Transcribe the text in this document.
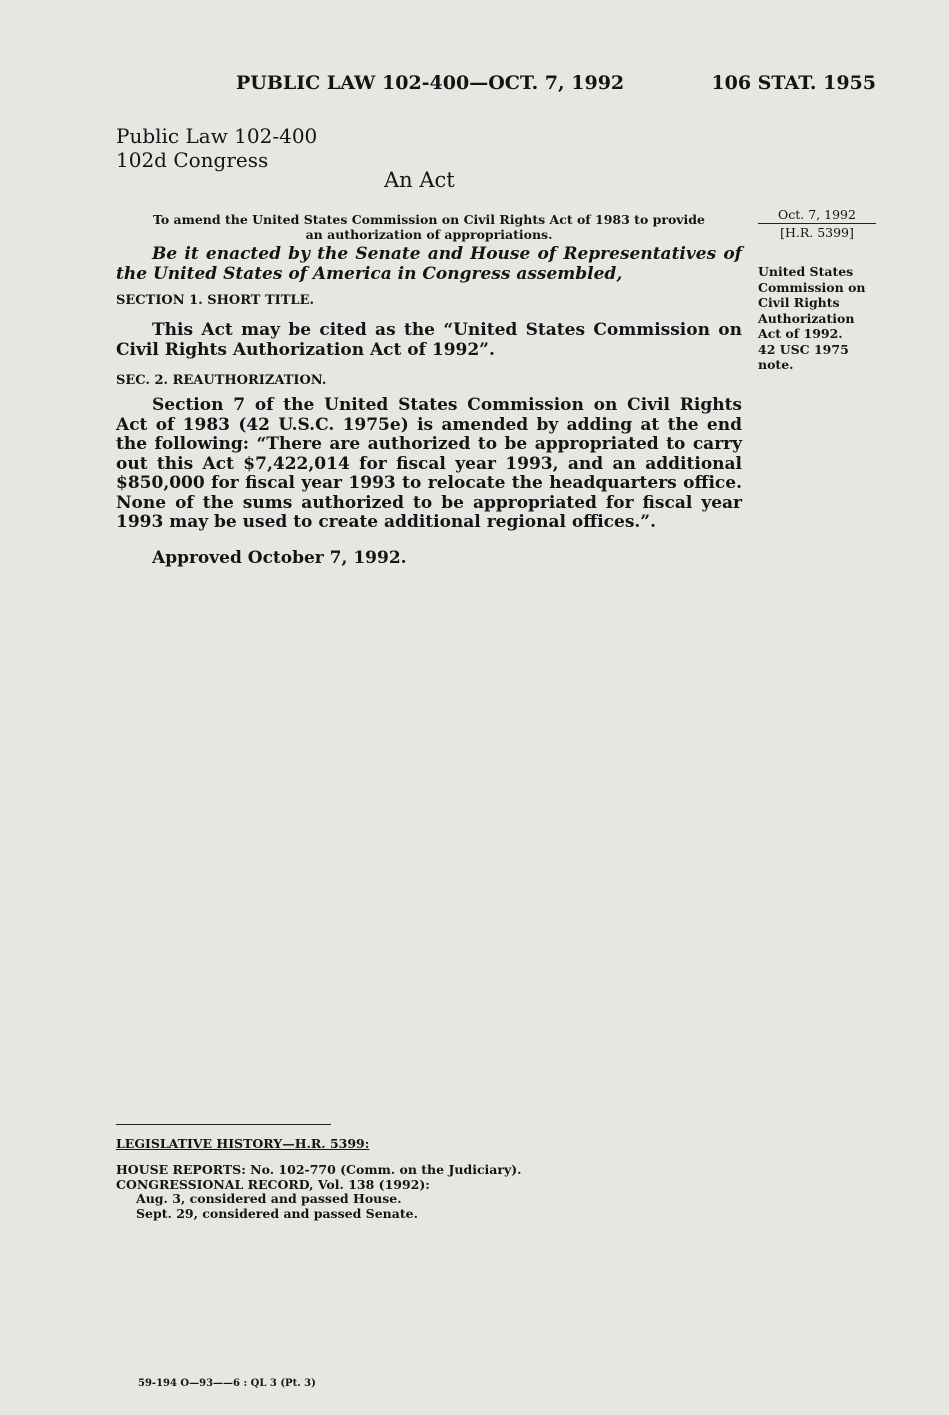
PUBLIC LAW 102-400—OCT. 7, 1992	106 STAT. 1955
Public Law 102-400
102d Congress
An Act
To amend the United States Commission on Civil Rights Act of 1983 to provide
an authorization of appropriations.
Be it enacted by the Senate and House of Representatives of the United States of America in Congress assembled,
SECTION 1. SHORT TITLE.
This Act may be cited as the “United States Commission on Civil Rights Authorization Act of 1992”.
SEC. 2. REAUTHORIZATION.
Section 7 of the United States Commission on Civil Rights Act of 1983 (42 U.S.C. 1975e) is amended by adding at the end the following: “There are authorized to be appropriated to carry out this Act $7,422,014 for fiscal year 1993, and an additional $850,000 for fiscal year 1993 to relocate the headquarters office. None of the sums authorized to be appropriated for fiscal year 1993 may be used to create additional regional offices.”.
Approved October 7, 1992.
Oct. 7, 1992
[H.R. 5399]
United States
Commission on
Civil Rights
Authorization
Act of 1992.
42 USC 1975
note.
LEGISLATIVE HISTORY—H.R. 5399:
HOUSE REPORTS: No. 102-770 (Comm. on the Judiciary).
CONGRESSIONAL RECORD, Vol. 138 (1992):
Aug. 3, considered and passed House.
Sept. 29, considered and passed Senate.
59-194 O—93——6 : QL 3 (Pt. 3)
